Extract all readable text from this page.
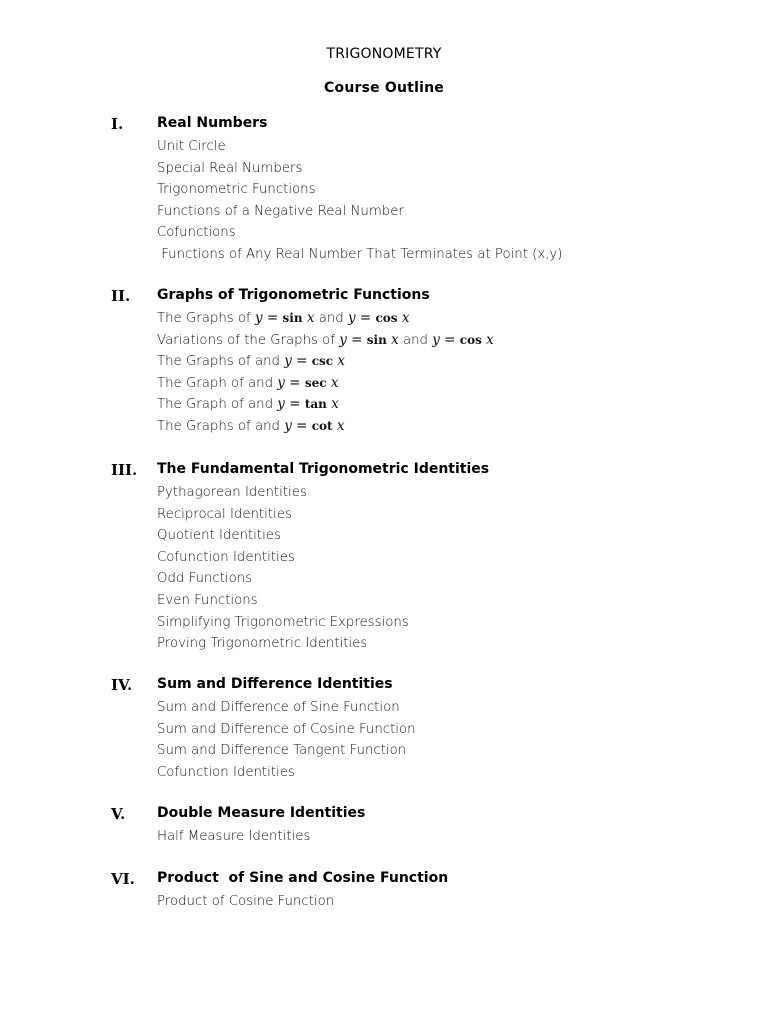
TRIGONOMETRY
Course Outline
I. Real Numbers
Unit Circle
Special Real Numbers
Trigonometric Functions
Functions of a Negative Real Number
Cofunctions
Functions of Any Real Number That Terminates at Point (x,y)
II. Graphs of Trigonometric Functions
The Graphs of y = sin x and y = cos x
Variations of the Graphs of y = sin x and y = cos x
The Graphs of and y = csc x
The Graph of and y = sec x
The Graph of and y = tan x
The Graphs of and y = cot x
III. The Fundamental Trigonometric Identities
Pythagorean Identities
Reciprocal Identities
Quotient Identities
Cofunction Identities
Odd Functions
Even Functions
Simplifying Trigonometric Expressions
Proving Trigonometric Identities
IV. Sum and Difference Identities
Sum and Difference of Sine Function
Sum and Difference of Cosine Function
Sum and Difference Tangent Function
Cofunction Identities
V. Double Measure Identities
Half Measure Identities
VI. Product  of Sine and Cosine Function
Product of Cosine Function
